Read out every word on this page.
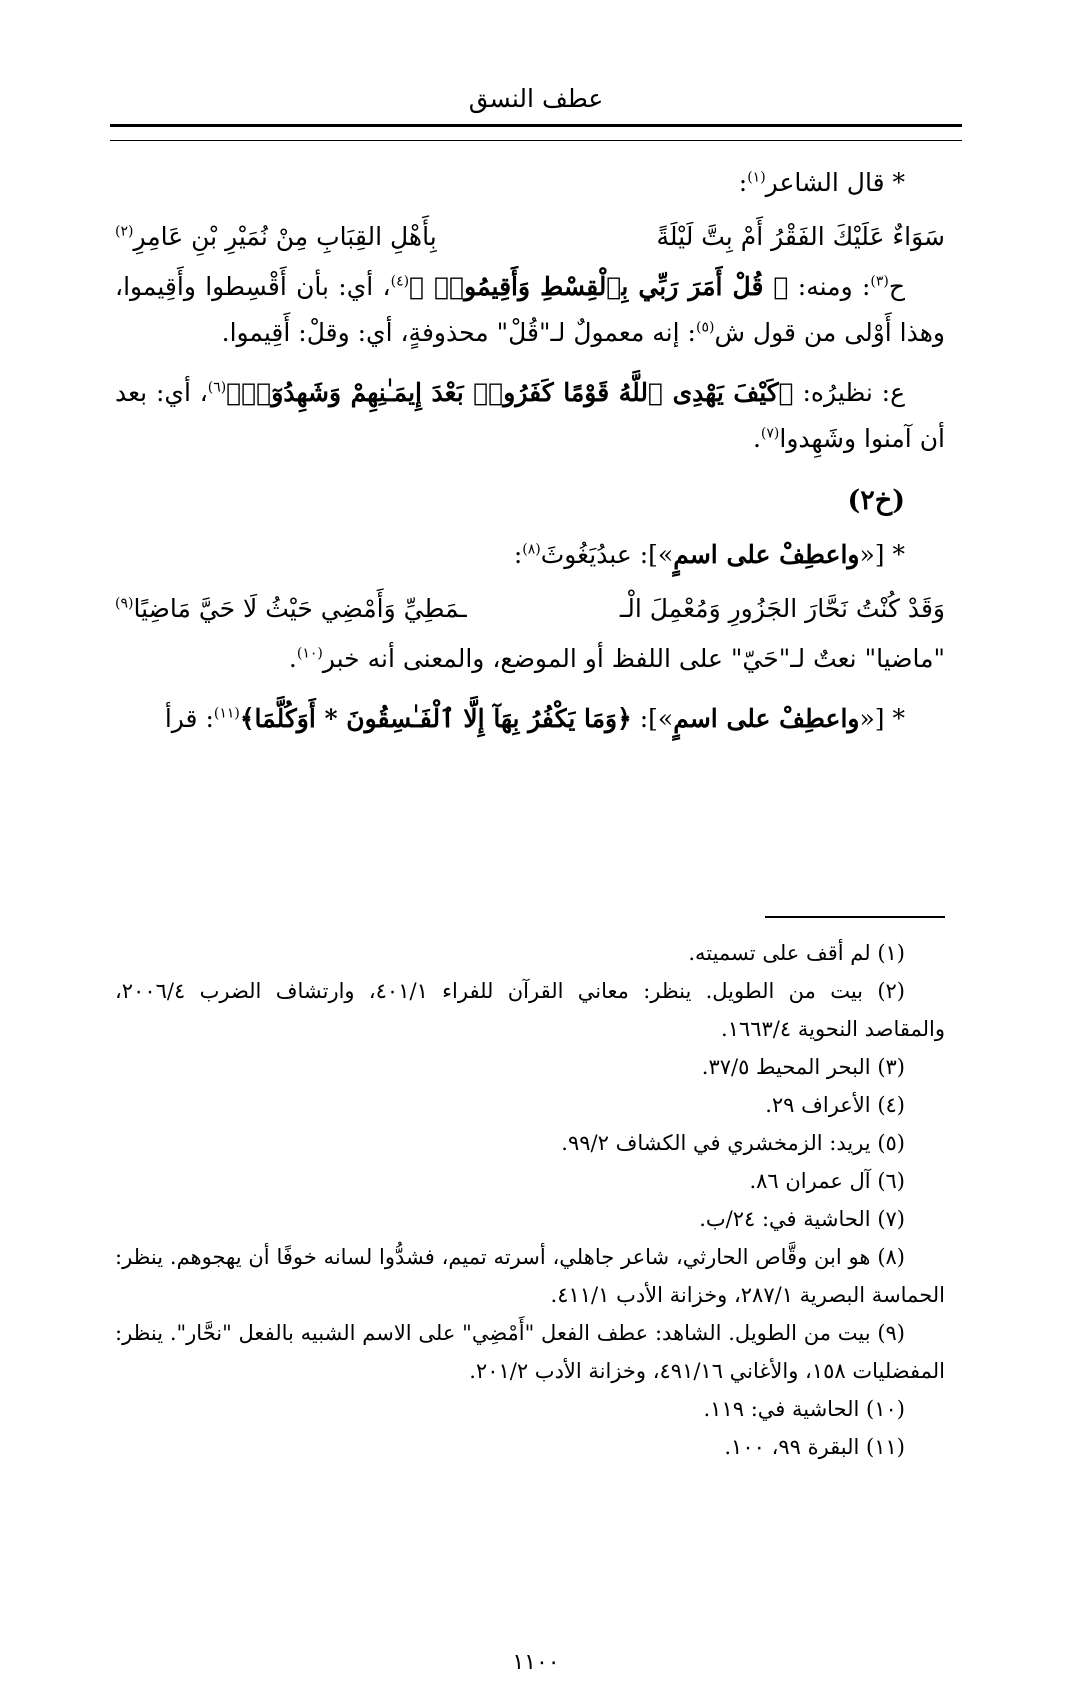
عطف النسق

* قال الشاعر$^{(١)}$:

سَوَاءٌ عَلَيْكَ الفَقْرُ أَمْ بِتَّ لَيْلَةً
بِأَهْلِ القِبَابِ مِنْ نُمَيْرِ بْنِ عَامِرِ$^{(٢)}$

ح$^{(٣)}$: ومنه: ﴿ قُلْ أَمَرَ رَبِّي بِٱلْقِسْطِ وَأَقِيمُوا۟ ﴾$^{(٤)}$، أي: بأن أَقْسِطوا وأَقِيموا، وهذا أَوْلى من قول ش$^{(٥)}$: إنه معمولٌ لـ"قُلْ" محذوفةٍ، أي: وقلْ: أَقِيموا.

ع: نظيرُه: ﴿كَيْفَ يَهْدِى ٱللَّهُ قَوْمًا كَفَرُوا۟ بَعْدَ إِيمَـٰنِهِمْ وَشَهِدُوٓا۟﴾$^{(٦)}$، أي: بعد أن آمنوا وشَهِدوا$^{(٧)}$.

(خ٢)

* [«واعطِفْ على اسمٍ»]: عبدُيَغُوثَ$^{(٨)}$:

وَقَدْ كُنْتُ نَحَّارَ الجَزُورِ وَمُعْمِلَ الْـ
ـمَطِيِّ وَأَمْضِي حَيْثُ لَا حَيَّ مَاضِيًا$^{(٩)}$

"ماضيا" نعتٌ لـ"حَيّ" على اللفظ أو الموضع، والمعنى أنه خبر$^{(١٠)}$.

* [«واعطِفْ على اسمٍ»]: ﴿وَمَا يَكْفُرُ بِهَآ إِلَّا ٱلْفَـٰسِقُونَ * أَوَكُلَّمَا﴾$^{(١١)}$: قرأ

(١) لم أقف على تسميته.

(٢) بيت من الطويل. ينظر: معاني القرآن للفراء ٤٠١/١، وارتشاف الضرب ٢٠٠٦/٤، والمقاصد النحوية ١٦٦٣/٤.

(٣) البحر المحيط ٣٧/٥.

(٤) الأعراف ٢٩.

(٥) يريد: الزمخشري في الكشاف ٩٩/٢.

(٦) آل عمران ٨٦.

(٧) الحاشية في: ٢٤/ب.

(٨) هو ابن وقَّاص الحارثي، شاعر جاهلي، أسرته تميم، فشدُّوا لسانه خوفًا أن يهجوهم. ينظر: الحماسة البصرية ٢٨٧/١، وخزانة الأدب ٤١١/١.

(٩) بيت من الطويل. الشاهد: عطف الفعل "أَمْضِي" على الاسم الشبيه بالفعل "نحَّار". ينظر: المفضليات ١٥٨، والأغاني ٤٩١/١٦، وخزانة الأدب ٢٠١/٢.

(١٠) الحاشية في: ١١٩.

(١١) البقرة ٩٩، ١٠٠.

١١٠٠
